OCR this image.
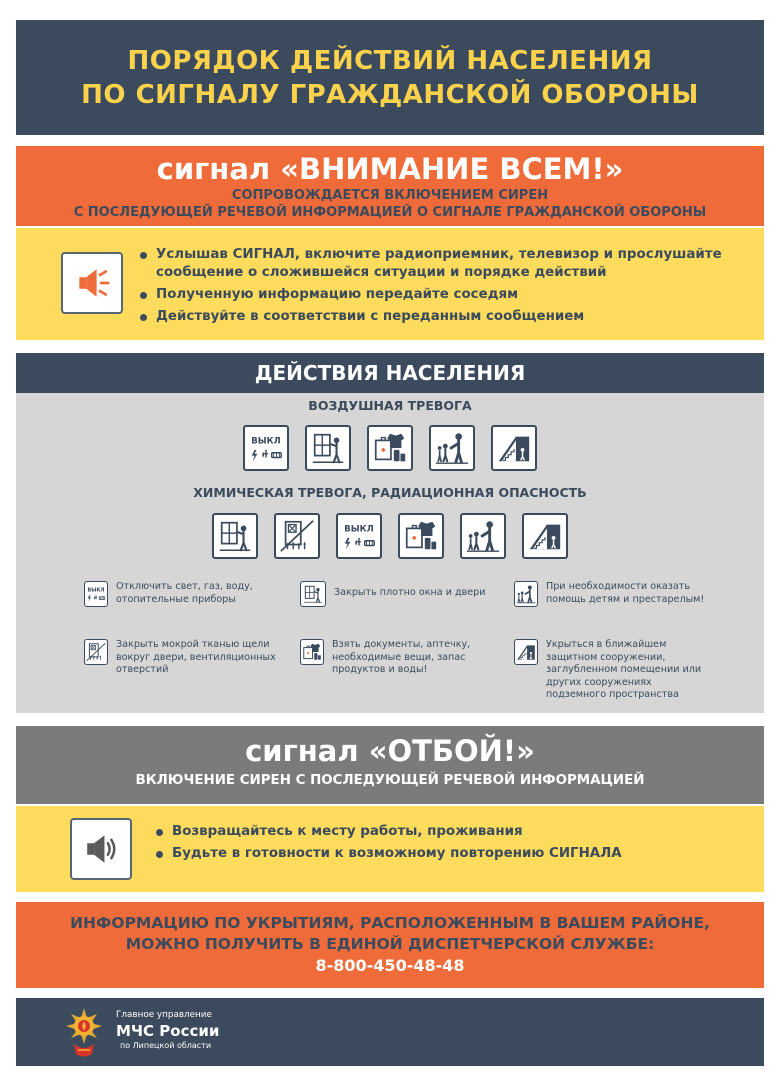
ПОРЯДОК ДЕЙСТВИЙ НАСЕЛЕНИЯ
ПО СИГНАЛУ ГРАЖДАНСКОЙ ОБОРОНЫ
сигнал «ВНИМАНИЕ ВСЕМ!»
СОПРОВОЖДАЕТСЯ ВКЛЮЧЕНИЕМ СИРЕН
С ПОСЛЕДУЮЩЕЙ РЕЧЕВОЙ ИНФОРМАЦИЕЙ О СИГНАЛЕ ГРАЖДАНСКОЙ ОБОРОНЫ
Услышав СИГНАЛ, включите радиоприемник, телевизор и прослушайте сообщение о сложившейся ситуации и порядке действий
Полученную информацию передайте соседям
Действуйте в соответствии с переданным сообщением
ДЕЙСТВИЯ НАСЕЛЕНИЯ
ВОЗДУШНАЯ ТРЕВОГА
ХИМИЧЕСКАЯ ТРЕВОГА, РАДИАЦИОННАЯ ОПАСНОСТЬ
Отключить свет, газ, воду, отопительные приборы
Закрыть плотно окна и двери
При необходимости оказать помощь детям и престарелым!
Закрыть мокрой тканью щели вокруг двери, вентиляционных отверстий
Взять документы, аптечку, необходимые вещи, запас продуктов и воды!
Укрыться в ближайшем защитном сооружении, заглубленном помещении или других сооружениях подземного пространства
сигнал «ОТБОЙ!»
ВКЛЮЧЕНИЕ СИРЕН С ПОСЛЕДУЮЩЕЙ РЕЧЕВОЙ ИНФОРМАЦИЕЙ
Возвращайтесь к месту работы, проживания
Будьте в готовности к возможному повторению СИГНАЛА
ИНФОРМАЦИЮ ПО УКРЫТИЯМ, РАСПОЛОЖЕННЫМ В ВАШЕМ РАЙОНЕ,
МОЖНО ПОЛУЧИТЬ В ЕДИНОЙ ДИСПЕТЧЕРСКОЙ СЛУЖБЕ:
8-800-450-48-48
Главное управление
МЧС России
по Липецкой области
